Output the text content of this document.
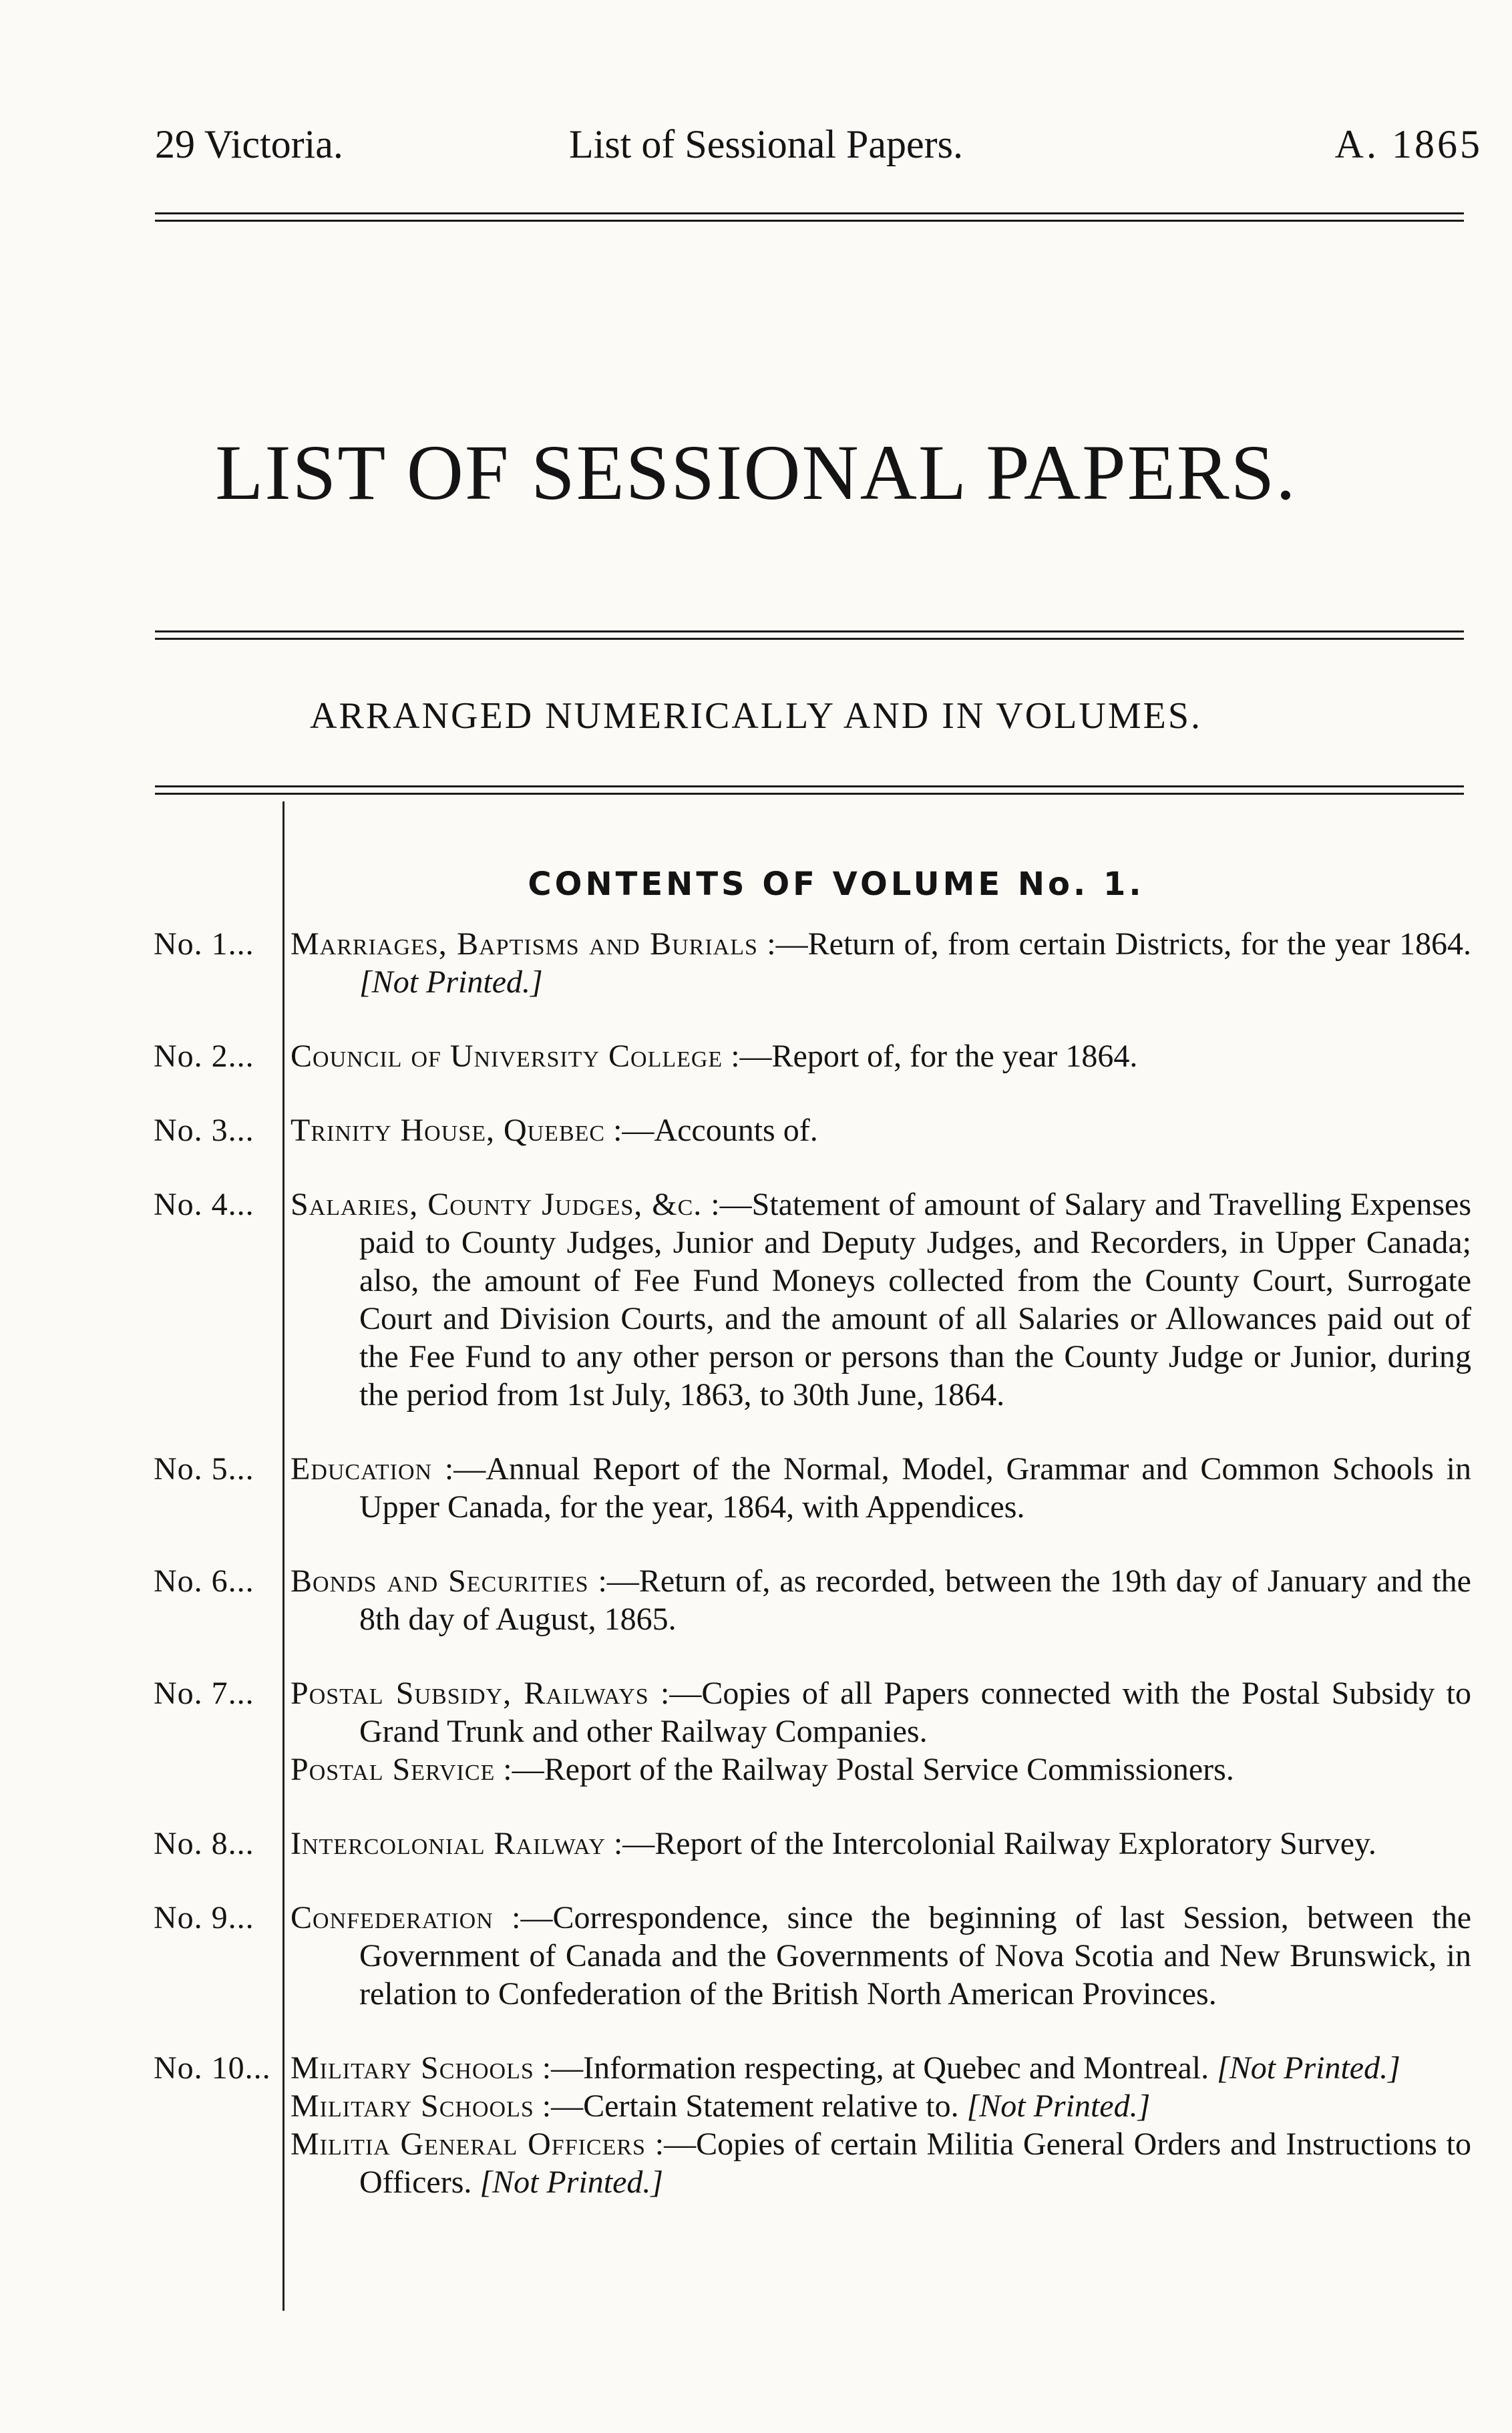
29 Victoria.	List of Sessional Papers.	A. 1865
LIST OF SESSIONAL PAPERS.
ARRANGED NUMERICALLY AND IN VOLUMES.
CONTENTS OF VOLUME No. 1.
No. 1...	Marriages, Baptisms and Burials :—Return of, from certain Districts, for the year 1864. [Not Printed.]
No. 2...	Council of University College :—Report of, for the year 1864.
No. 3...	Trinity House, Quebec :—Accounts of.
No. 4...	Salaries, County Judges, &c. :—Statement of amount of Salary and Travelling Expenses paid to County Judges, Junior and Deputy Judges, and Recorders, in Upper Canada; also, the amount of Fee Fund Moneys collected from the County Court, Surrogate Court and Division Courts, and the amount of all Salaries or Allowances paid out of the Fee Fund to any other person or persons than the County Judge or Junior, during the period from 1st July, 1863, to 30th June, 1864.
No. 5...	Education :—Annual Report of the Normal, Model, Grammar and Common Schools in Upper Canada, for the year, 1864, with Appendices.
No. 6...	Bonds and Securities :—Return of, as recorded, between the 19th day of January and the 8th day of August, 1865.
No. 7...	Postal Subsidy, Railways :—Copies of all Papers connected with the Postal Subsidy to Grand Trunk and other Railway Companies.
Postal Service :—Report of the Railway Postal Service Commissioners.
No. 8...	Intercolonial Railway :—Report of the Intercolonial Railway Exploratory Survey.
No. 9...	Confederation :—Correspondence, since the beginning of last Session, between the Government of Canada and the Governments of Nova Scotia and New Brunswick, in relation to Confederation of the British North American Provinces.
No. 10... Military Schools :—Information respecting, at Quebec and Montreal. [Not Printed.]
Military Schools :—Certain Statement relative to. [Not Printed.]
Militia General Officers :—Copies of certain Militia General Orders and Instructions to Officers. [Not Printed.]
